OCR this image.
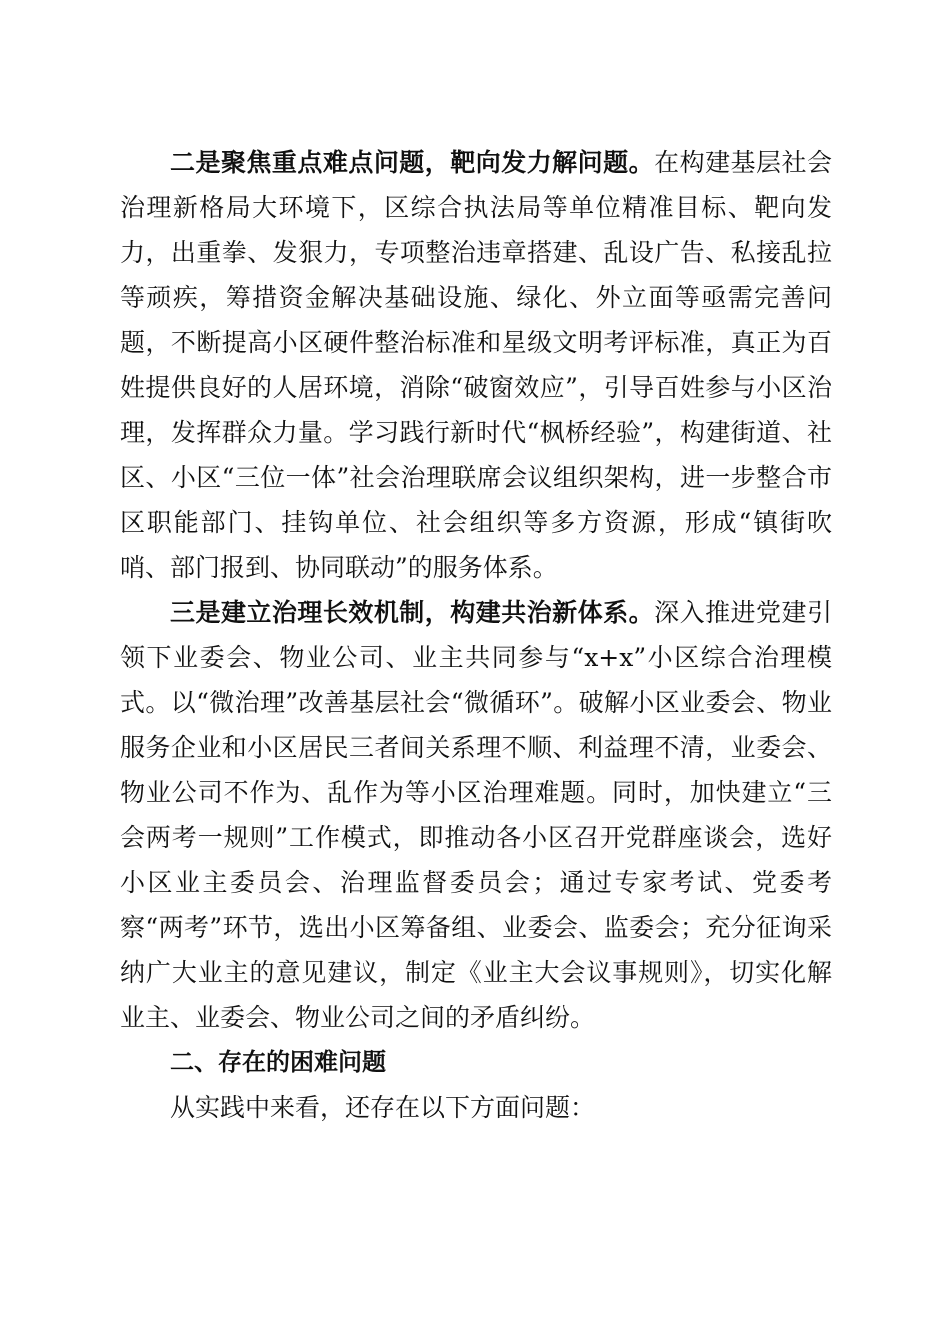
二是聚焦重点难点问题，靶向发力解问题。在构建基层社会治理新格局大环境下，区综合执法局等单位精准目标、靶向发力，出重拳、发狠力，专项整治违章搭建、乱设广告、私接乱拉等顽疾，筹措资金解决基础设施、绿化、外立面等亟需完善问题，不断提高小区硬件整治标准和星级文明考评标准，真正为百姓提供良好的人居环境，消除“破窗效应”，引导百姓参与小区治理，发挥群众力量。学习践行新时代“枫桥经验”，构建街道、社区、小区“三位一体”社会治理联席会议组织架构，进一步整合市区职能部门、挂钩单位、社会组织等多方资源，形成“镇街吹哨、部门报到、协同联动”的服务体系。

三是建立治理长效机制，构建共治新体系。深入推进党建引领下业委会、物业公司、业主共同参与“x+x”小区综合治理模式。以“微治理”改善基层社会“微循环”。破解小区业委会、物业服务企业和小区居民三者间关系理不顺、利益理不清，业委会、物业公司不作为、乱作为等小区治理难题。同时，加快建立“三会两考一规则”工作模式，即推动各小区召开党群座谈会，选好小区业主委员会、治理监督委员会；通过专家考试、党委考察“两考”环节，选出小区筹备组、业委会、监委会；充分征询采纳广大业主的意见建议，制定《业主大会议事规则》，切实化解业主、业委会、物业公司之间的矛盾纠纷。

二、存在的困难问题

从实践中来看，还存在以下方面问题：
